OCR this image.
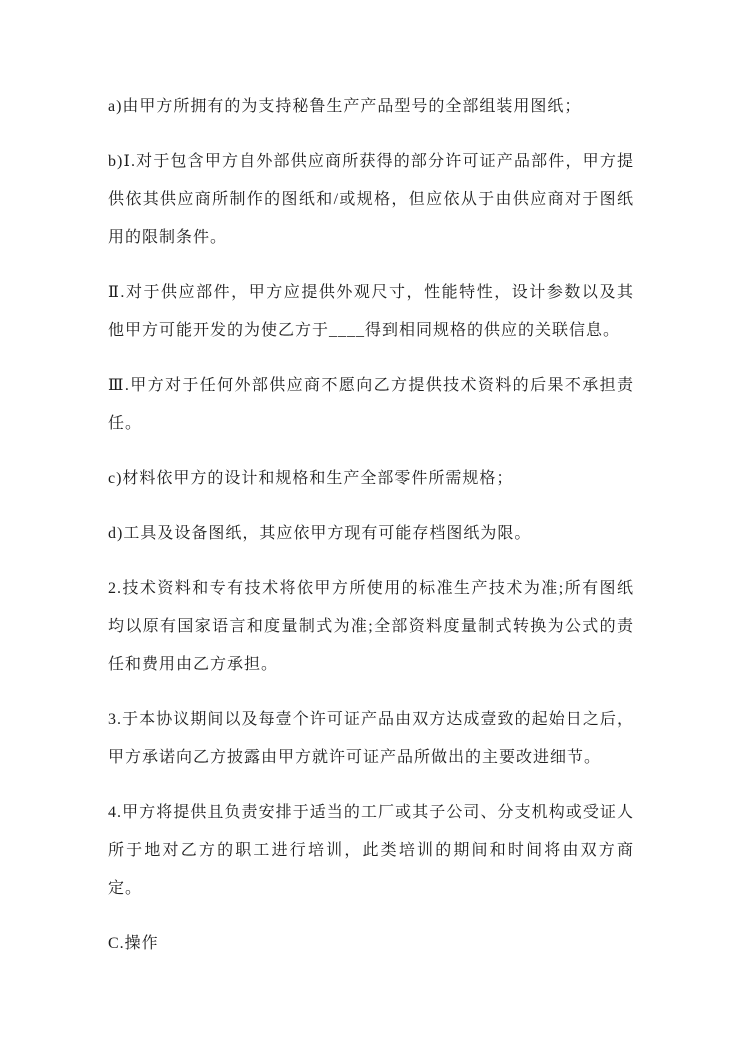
a)由甲方所拥有的为支持秘鲁生产产品型号的全部组装用图纸；

b)Ⅰ.对于包含甲方自外部供应商所获得的部分许可证产品部件，甲方提供依其供应商所制作的图纸和/或规格，但应依从于由供应商对于图纸用的限制条件。

Ⅱ.对于供应部件，甲方应提供外观尺寸，性能特性，设计参数以及其他甲方可能开发的为使乙方于____得到相同规格的供应的关联信息。

Ⅲ.甲方对于任何外部供应商不愿向乙方提供技术资料的后果不承担责任。

c)材料依甲方的设计和规格和生产全部零件所需规格；

d)工具及设备图纸，其应依甲方现有可能存档图纸为限。

2.技术资料和专有技术将依甲方所使用的标准生产技术为准;所有图纸均以原有国家语言和度量制式为准;全部资料度量制式转换为公式的责任和费用由乙方承担。

3.于本协议期间以及每壹个许可证产品由双方达成壹致的起始日之后，甲方承诺向乙方披露由甲方就许可证产品所做出的主要改进细节。

4.甲方将提供且负责安排于适当的工厂或其子公司、分支机构或受证人所于地对乙方的职工进行培训，此类培训的期间和时间将由双方商定。

C.操作
